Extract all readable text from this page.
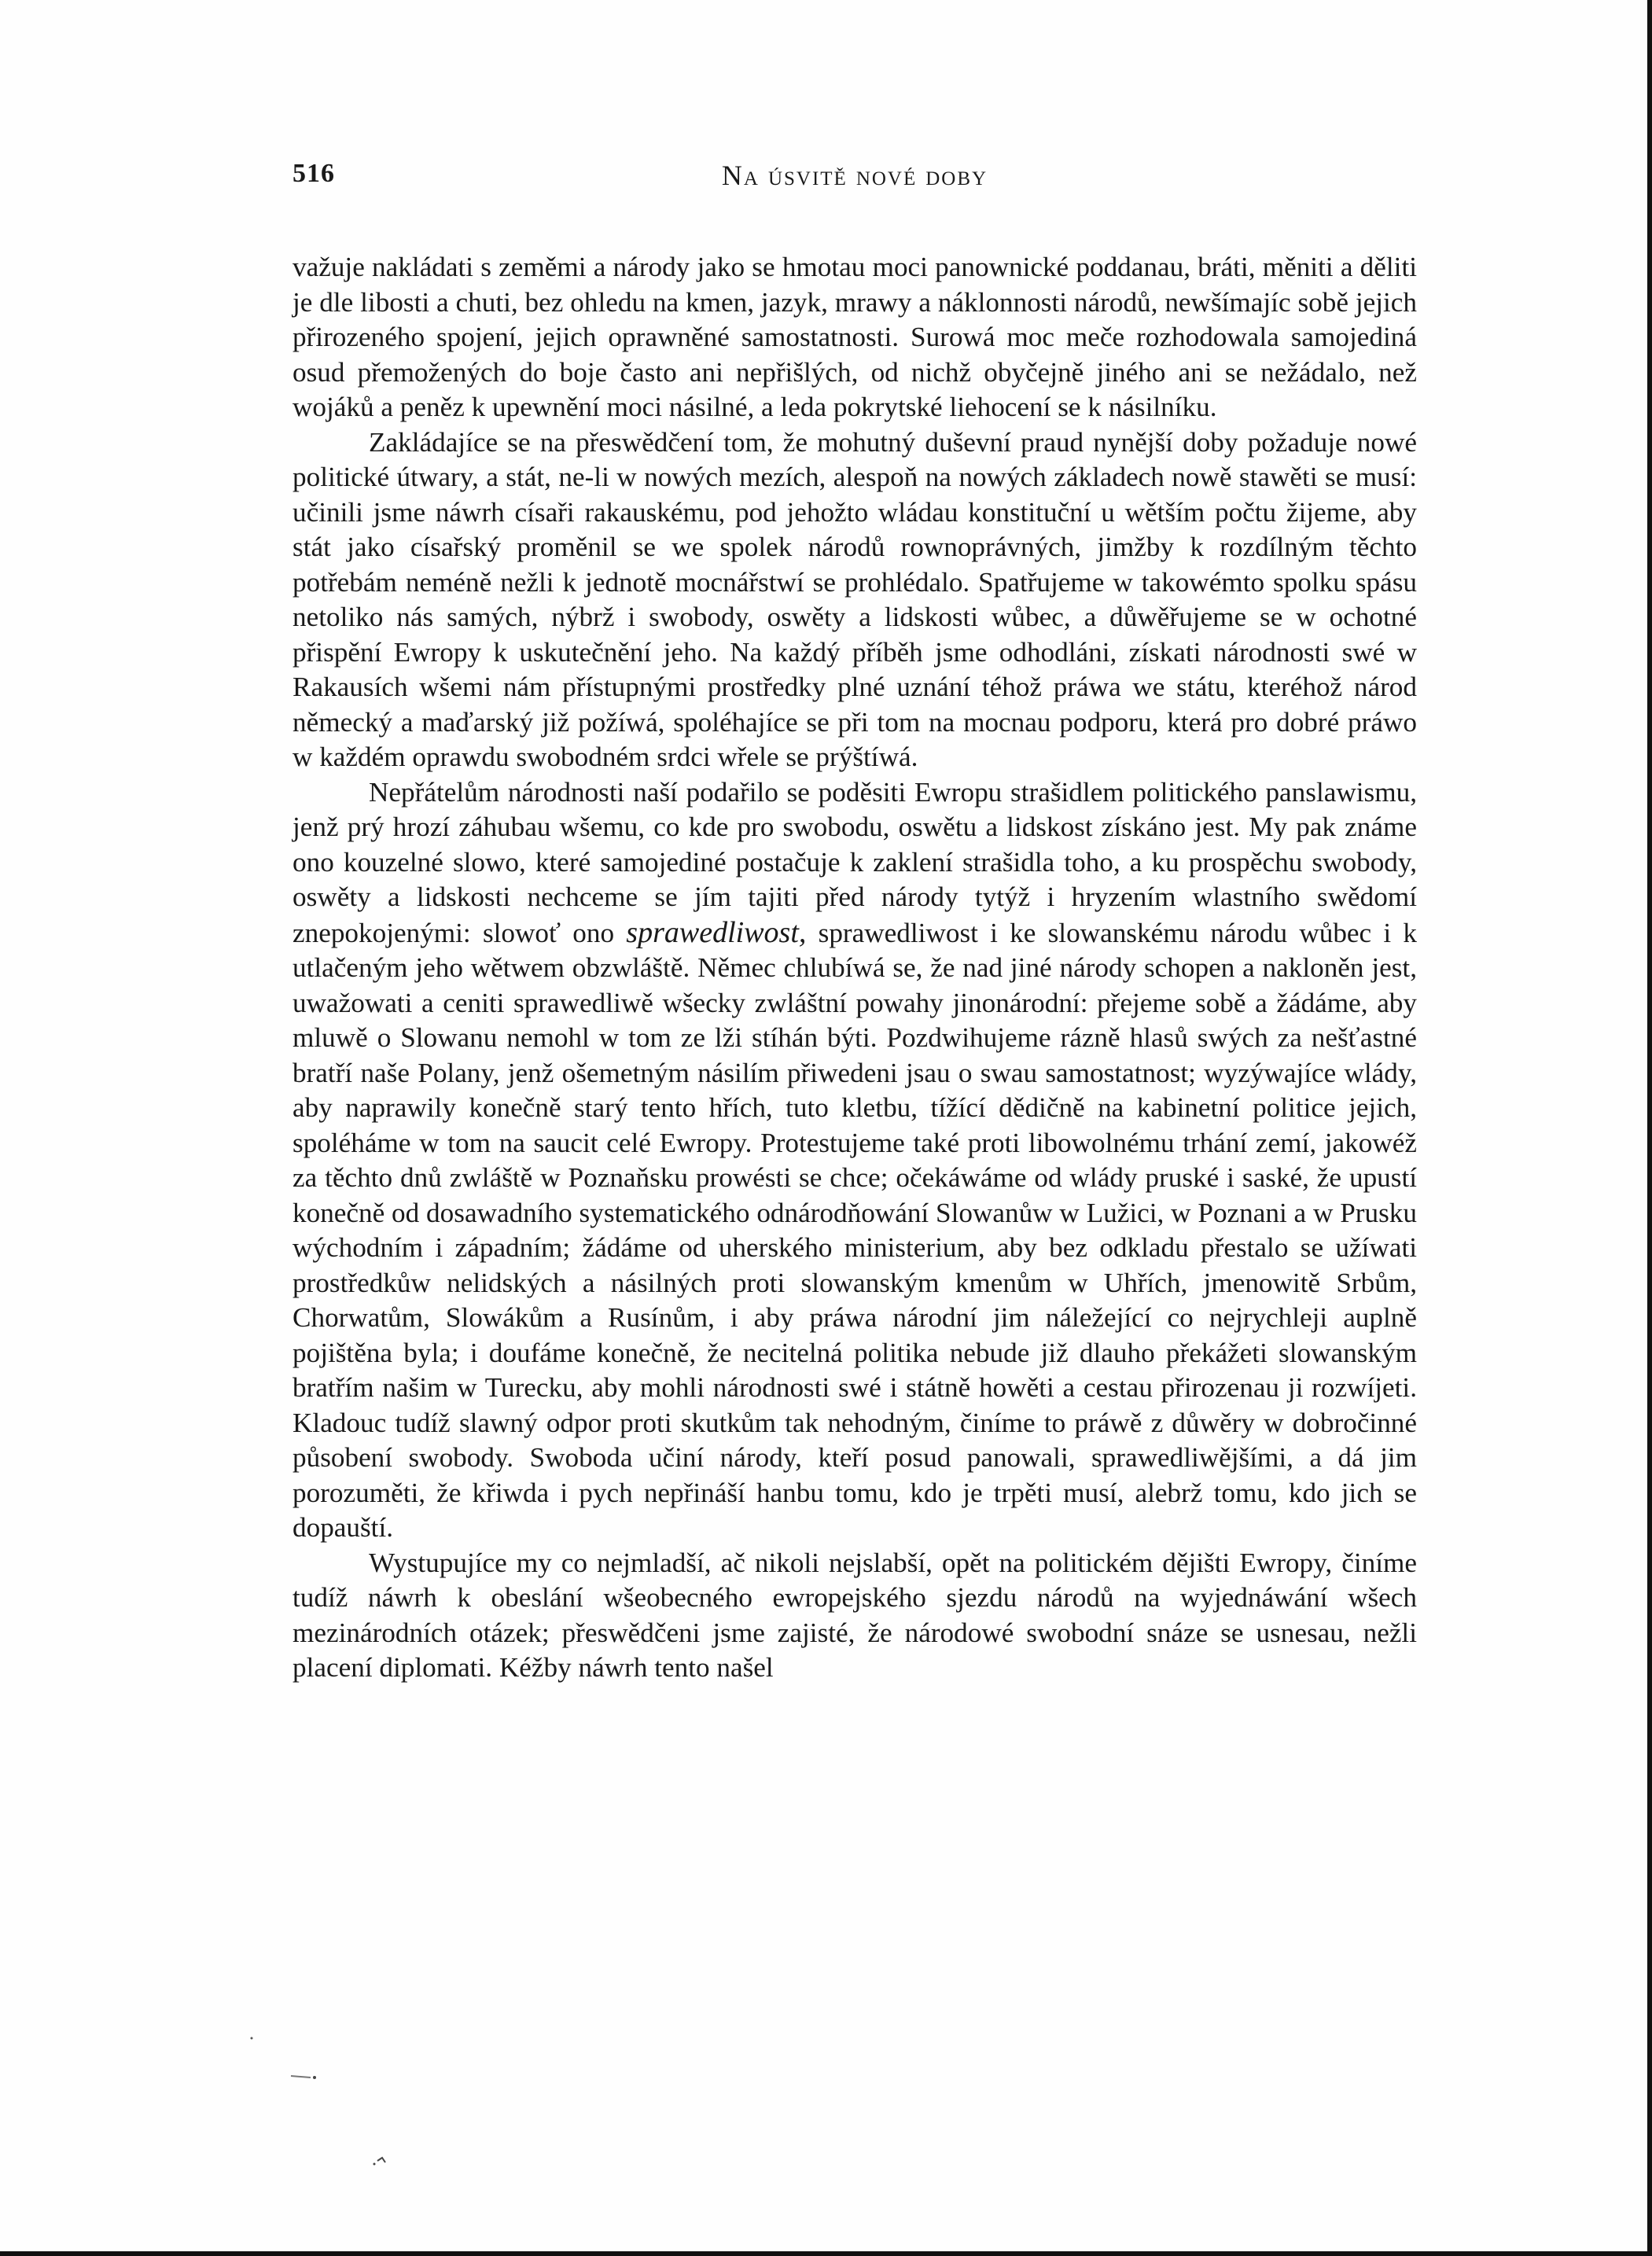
516	Na úsvitě nové doby

važuje nakládati s zeměmi a národy jako se hmotau moci panownické poddanau, bráti, měniti a děliti je dle libosti a chuti, bez ohledu na kmen, jazyk, mrawy a náklonnosti národů, newšímajíc sobě jejich přirozeného spojení, jejich oprawněné samostatnosti. Surowá moc meče rozhodowala samojediná osud přemožených do boje často ani nepřišlých, od nichž obyčejně jiného ani se nežádalo, než wojáků a peněz k upewnění moci násilné, a leda pokrytské liehocení se k násilníku.

Zakládajíce se na přeswědčení tom, že mohutný duševní praud nynější doby požaduje nowé politické útwary, a stát, ne-li w nowých mezích, alespoň na nowých základech nowě stawěti se musí: učinili jsme náwrh císaři rakauskému, pod jehožto wládau konstituční u wětším počtu žijeme, aby stát jako císařský proměnil se we spolek národů rownoprávných, jimžby k rozdílným těchto potřebám neméně nežli k jednotě mocnářstwí se prohlédalo. Spatřujeme w takowémto spolku spásu netoliko nás samých, nýbrž i swobody, oswěty a lidskosti wůbec, a důwěřujeme se w ochotné přispění Ewropy k uskutečnění jeho. Na každý příběh jsme odhodláni, získati národnosti swé w Rakausích wšemi nám přístupnými prostředky plné uznání téhož práwa we státu, kteréhož národ německý a maďarský již požíwá, spoléhajíce se při tom na mocnau podporu, která pro dobré práwo w každém oprawdu swobodném srdci wřele se prýštíwá.

Nepřátelům národnosti naší podařilo se poděsiti Ewropu strašidlem politického panslawismu, jenž prý hrozí záhubau wšemu, co kde pro swobodu, oswětu a lidskost získáno jest. My pak známe ono kouzelné slowo, které samojediné postačuje k zaklení strašidla toho, a ku prospěchu swobody, oswěty a lidskosti nechceme se jím tajiti před národy tytýž i hryzením wlastního swědomí znepokojenými: slowoť ono sprawedliwost, sprawedliwost i ke slowanskému národu wůbec i k utlačeným jeho wětwem obzwláště. Němec chlubíwá se, že nad jiné národy schopen a nakloněn jest, uwažowati a ceniti sprawedliwě wšecky zwláštní powahy jinonárodní: přejeme sobě a žádáme, aby mluwě o Slowanu nemohl w tom ze lži stíhán býti. Pozdwihujeme rázně hlasů swých za nešťastné bratří naše Polany, jenž ošemetným násilím přiwedeni jsau o swau samostatnost; wyzýwajíce wlády, aby naprawily konečně starý tento hřích, tuto kletbu, tížící dědičně na kabinetní politice jejich, spoléháme w tom na saucit celé Ewropy. Protestujeme také proti libowolnému trhání zemí, jakowéž za těchto dnů zwláště w Poznaňsku prowésti se chce; očekáwáme od wlády pruské i saské, že upustí konečně od dosawadního systematického odnárodňowání Slowanůw w Lužici, w Poznani a w Prusku wýchodním i západním; žádáme od uherského ministerium, aby bez odkladu přestalo se užíwati prostředkůw nelidských a násilných proti slowanským kmenům w Uhřích, jmenowitě Srbům, Chorwatům, Slowákům a Rusínům, i aby práwa národní jim náležející co nejrychleji auplně pojištěna byla; i doufáme konečně, že necitelná politika nebude již dlauho překážeti slowanským bratřím našim w Turecku, aby mohli národnosti swé i státně howěti a cestau přirozenau ji rozwíjeti. Kladouc tudíž slawný odpor proti skutkům tak nehodným, činíme to práwě z důwěry w dobročinné působení swobody. Swoboda učiní národy, kteří posud panowali, sprawedliwějšími, a dá jim porozuměti, že křiwda i pych nepřináší hanbu tomu, kdo je trpěti musí, alebrž tomu, kdo jich se dopauští.

Wystupujíce my co nejmladší, ač nikoli nejslabší, opět na politickém dějišti Ewropy, činíme tudíž náwrh k obeslání wšeobecného ewropejského sjezdu národů na wyjednáwání wšech mezinárodních otázek; přeswědčeni jsme zajisté, že národowé swobodní snáze se usnesau, nežli placení diplomati. Kéžby náwrh tento našel
